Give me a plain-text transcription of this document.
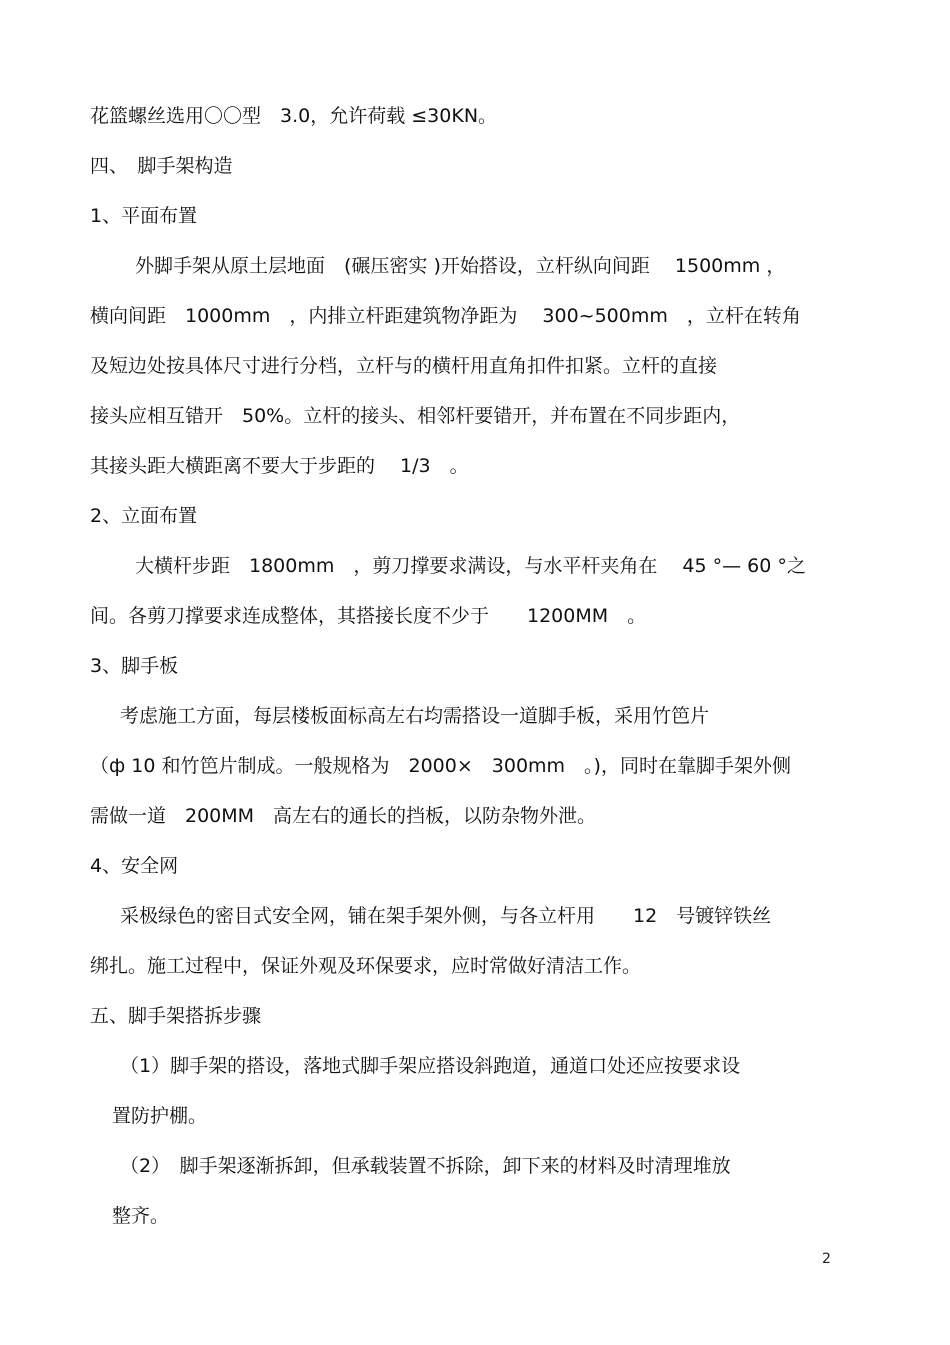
花篮螺丝选用〇〇型　3.0，允许荷载 ≤30KN。
四、　脚手架构造
1、平面布置
外脚手架从原土层地面　(碾压密实 )开始搭设，立杆纵向间距　 1500mm ，
横向间距　1000mm　，内排立杆距建筑物净距为　 300~500mm　，立杆在转角
及短边处按具体尺寸进行分档，立杆与的横杆用直角扣件扣紧。立杆的直接
接头应相互错开　50%。立杆的接头、相邻杆要错开，并布置在不同步距内，
其接头距大横距离不要大于步距的　 1/3　。
2、立面布置
大横杆步距　1800mm　，剪刀撑要求满设，与水平杆夹角在　 45 °— 60 °之
间。各剪刀撑要求连成整体，其搭接长度不少于　　1200MM　。
3、脚手板
考虑施工方面，每层楼板面标高左右均需搭设一道脚手板，采用竹笆片
（ф 10 和竹笆片制成。一般规格为　2000×　300mm　。)，同时在靠脚手架外侧
需做一道　200MM　高左右的通长的挡板，以防杂物外泄。
4、安全网
采极绿色的密目式安全网，铺在架手架外侧，与各立杆用　　12　号镀锌铁丝
绑扎。施工过程中，保证外观及环保要求，应时常做好清洁工作。
五、脚手架搭拆步骤
（1）脚手架的搭设，落地式脚手架应搭设斜跑道，通道口处还应按要求设
置防护棚。
（2）　脚手架逐渐拆卸，但承载装置不拆除，卸下来的材料及时清理堆放
整齐。
2
